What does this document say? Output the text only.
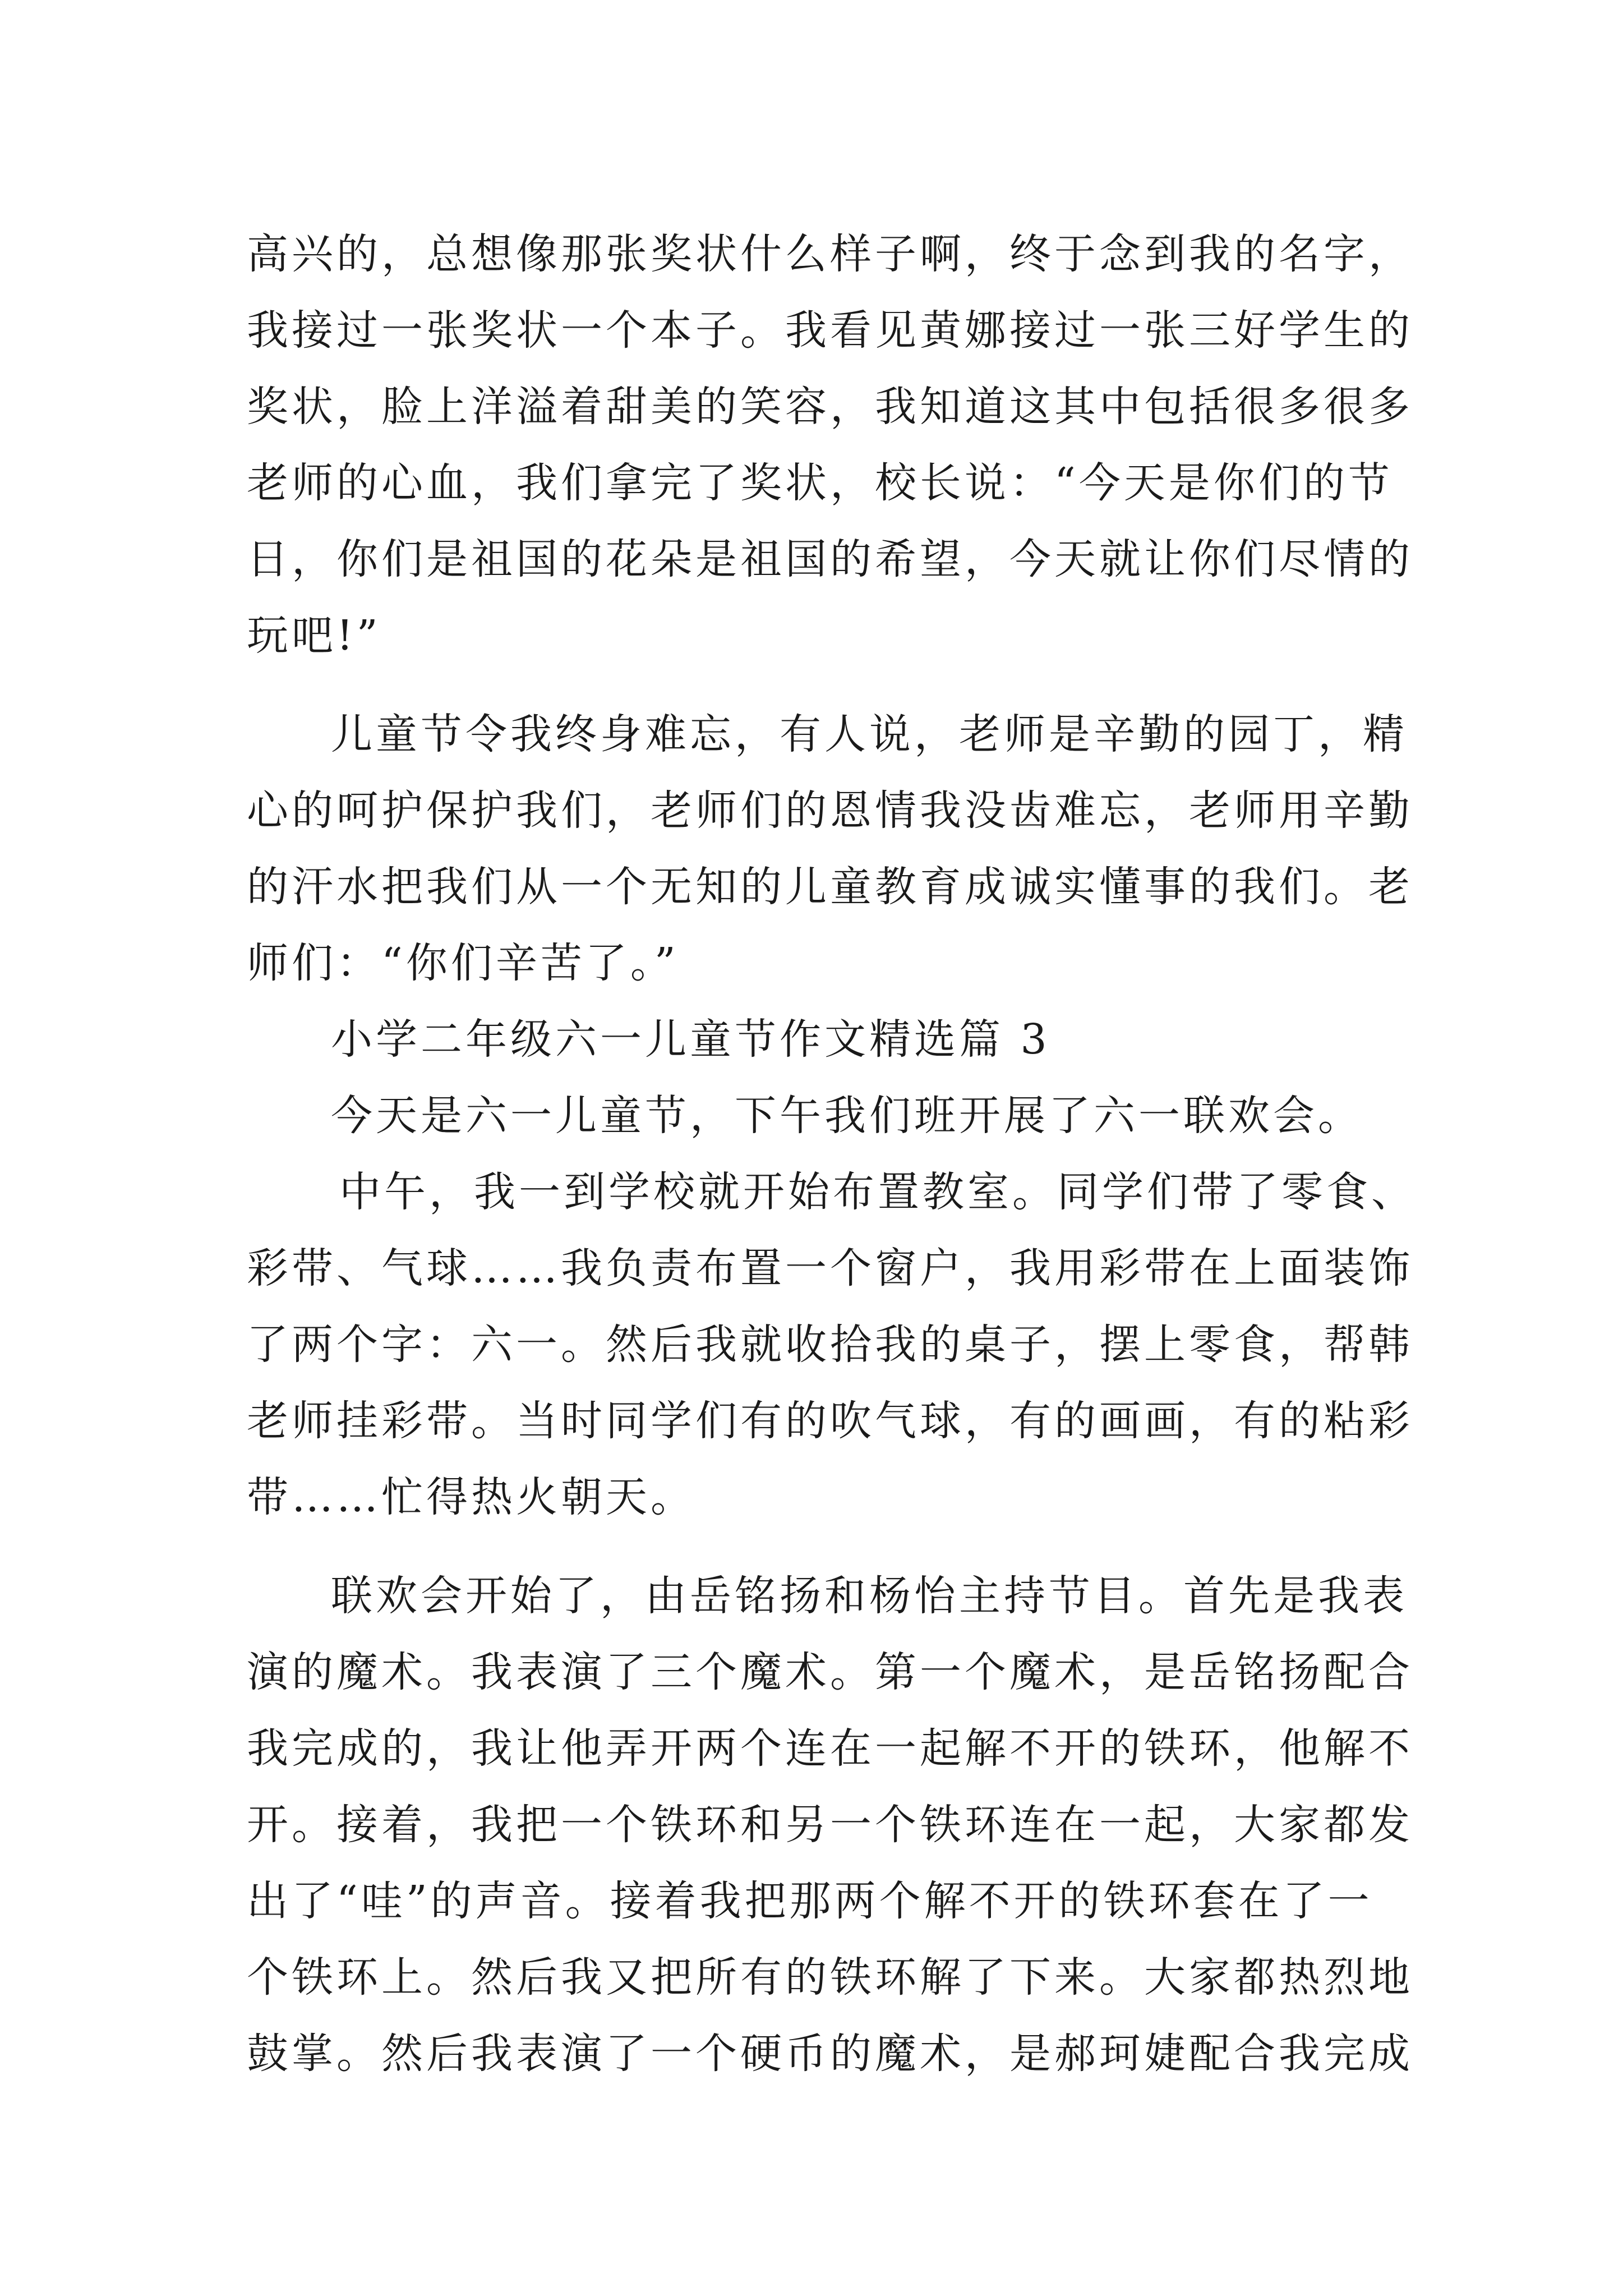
高兴的，总想像那张奖状什么样子啊，终于念到我的名字，
我接过一张奖状一个本子。我看见黄娜接过一张三好学生的
奖状，脸上洋溢着甜美的笑容，我知道这其中包括很多很多
老师的心血，我们拿完了奖状，校长说：“今天是你们的节
日，你们是祖国的花朵是祖国的希望，今天就让你们尽情的
玩吧!”
儿童节令我终身难忘，有人说，老师是辛勤的园丁，精
心的呵护保护我们，老师们的恩情我没齿难忘，老师用辛勤
的汗水把我们从一个无知的儿童教育成诚实懂事的我们。老
师们：“你们辛苦了。”
小学二年级六一儿童节作文精选篇 3
今天是六一儿童节，下午我们班开展了六一联欢会。
中午，我一到学校就开始布置教室。同学们带了零食、
彩带、气球……我负责布置一个窗户，我用彩带在上面装饰
了两个字：六一。然后我就收拾我的桌子，摆上零食，帮韩
老师挂彩带。当时同学们有的吹气球，有的画画，有的粘彩
带……忙得热火朝天。
联欢会开始了，由岳铭扬和杨怡主持节目。首先是我表
演的魔术。我表演了三个魔术。第一个魔术，是岳铭扬配合
我完成的，我让他弄开两个连在一起解不开的铁环，他解不
开。接着，我把一个铁环和另一个铁环连在一起，大家都发
出了“哇”的声音。接着我把那两个解不开的铁环套在了一
个铁环上。然后我又把所有的铁环解了下来。大家都热烈地
鼓掌。然后我表演了一个硬币的魔术，是郝珂婕配合我完成
